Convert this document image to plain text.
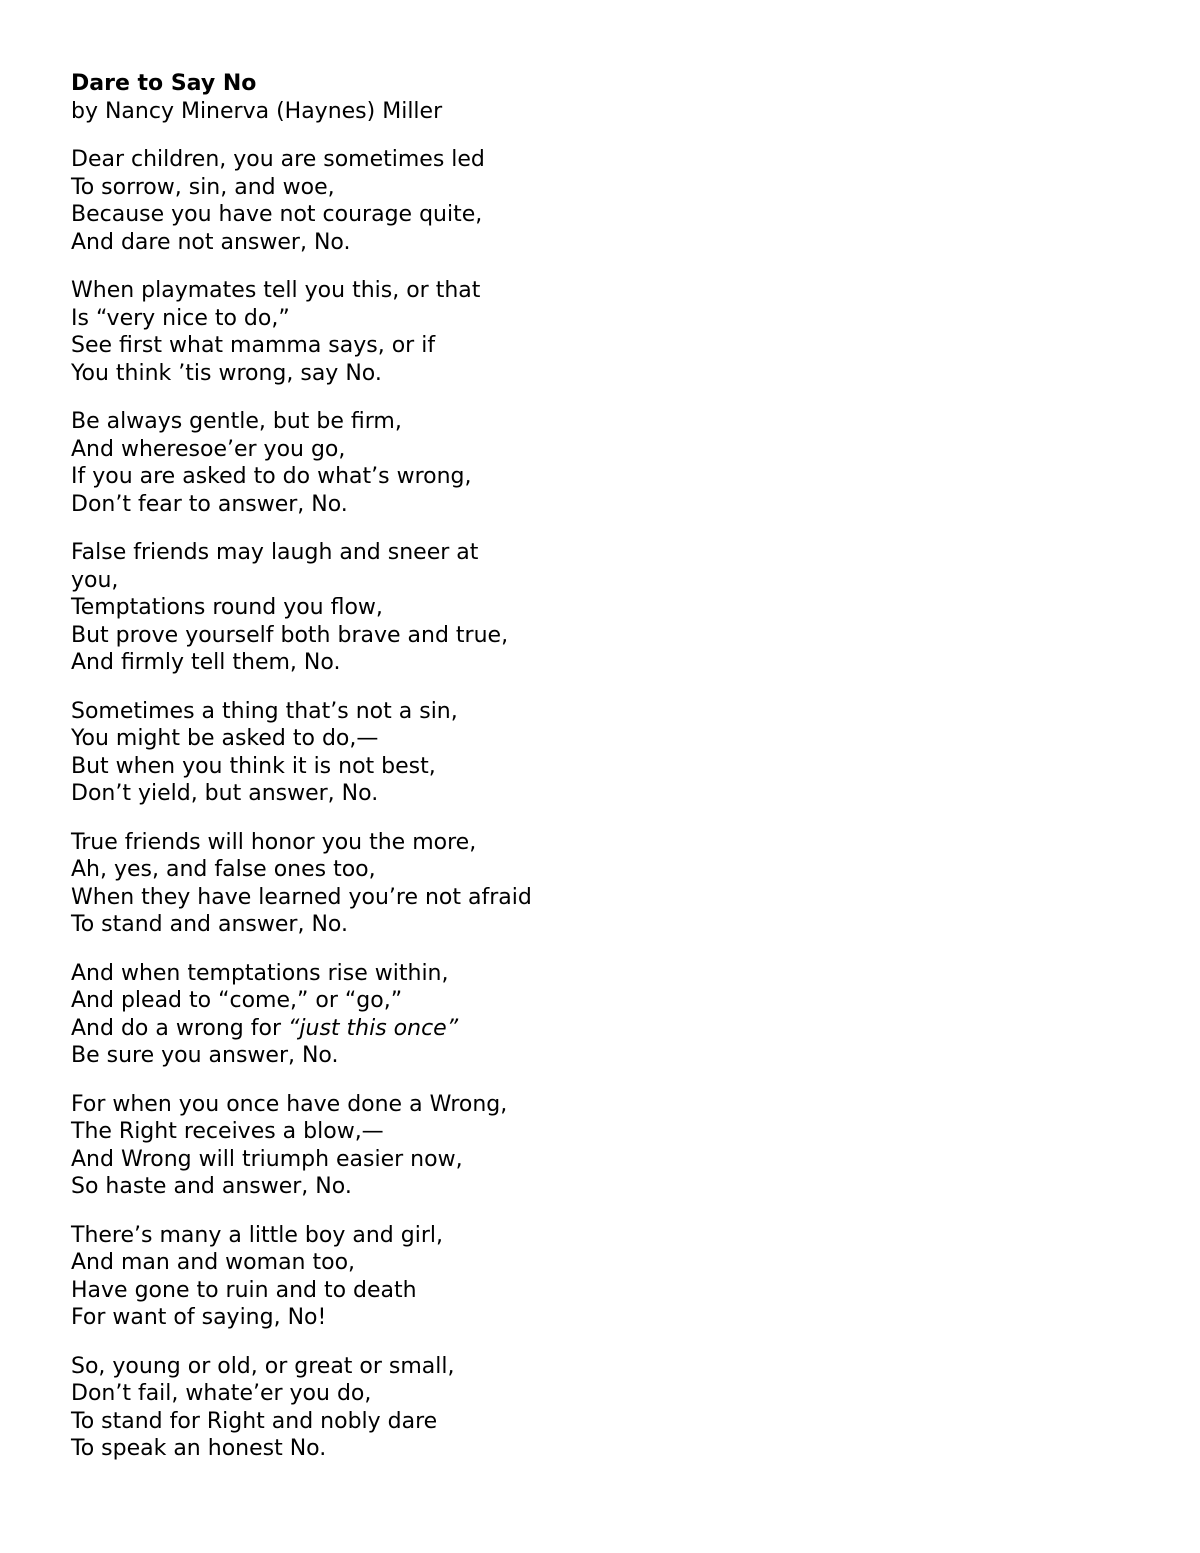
Dare to Say No
by Nancy Minerva (Haynes) Miller
Dear children, you are sometimes led
To sorrow, sin, and woe,
Because you have not courage quite,
And dare not answer, No.
When playmates tell you this, or that
Is “very nice to do,”
See first what mamma says, or if
You think ’tis wrong, say No.
Be always gentle, but be firm,
And wheresoe’er you go,
If you are asked to do what’s wrong,
Don’t fear to answer, No.
False friends may laugh and sneer at
you,
Temptations round you flow,
But prove yourself both brave and true,
And firmly tell them, No.
Sometimes a thing that’s not a sin,
You might be asked to do,—
But when you think it is not best,
Don’t yield, but answer, No.
True friends will honor you the more,
Ah, yes, and false ones too,
When they have learned you’re not afraid
To stand and answer, No.
And when temptations rise within,
And plead to “come,” or “go,”
And do a wrong for “just this once”
Be sure you answer, No.
For when you once have done a Wrong,
The Right receives a blow,—
And Wrong will triumph easier now,
So haste and answer, No.
There’s many a little boy and girl,
And man and woman too,
Have gone to ruin and to death
For want of saying, No!
So, young or old, or great or small,
Don’t fail, whate’er you do,
To stand for Right and nobly dare
To speak an honest No.
